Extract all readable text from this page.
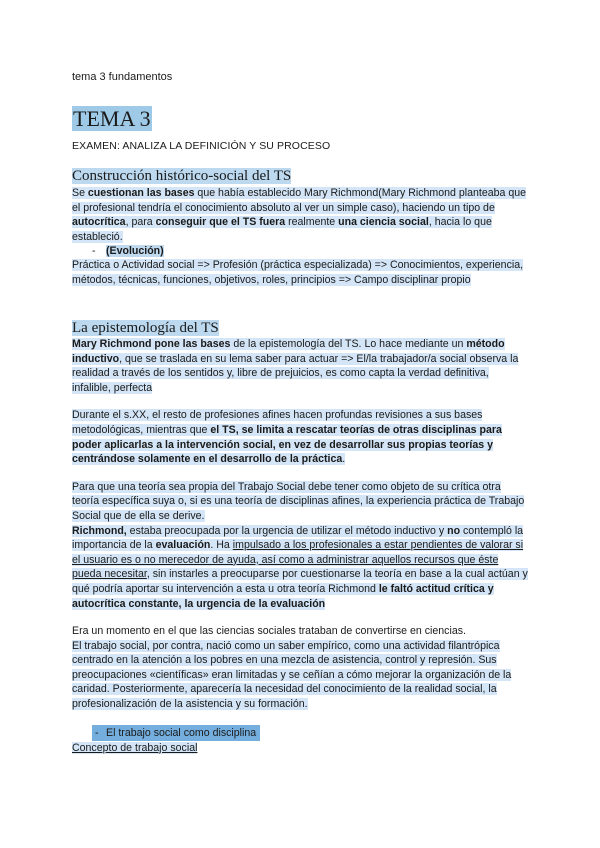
tema 3 fundamentos
TEMA 3
EXAMEN: ANALIZA LA DEFINICIÓN Y SU PROCESO
Construcción histórico-social del TS

Se cuestionan las bases que había establecido Mary Richmond(Mary Richmond planteaba que el profesional tendría el conocimiento absoluto al ver un simple caso), haciendo un tipo de autocrítica, para conseguir que el TS fuera realmente una ciencia social, hacia lo que estableció.

- (Evolución)

Práctica o Actividad social => Profesión (práctica especializada) => Conocimientos, experiencia, métodos, técnicas, funciones, objetivos, roles, principios => Campo disciplinar propio

La epistemología del TS

Mary Richmond pone las bases de la epistemología del TS. Lo hace mediante un método inductivo, que se traslada en su lema saber para actuar => El/la trabajador/a social observa la realidad a través de los sentidos y, libre de prejuicios, es como capta la verdad definitiva, infalible, perfecta

Durante el s.XX, el resto de profesiones afines hacen profundas revisiones a sus bases metodológicas, mientras que el TS, se limita a rescatar teorías de otras disciplinas para poder aplicarlas a la intervención social, en vez de desarrollar sus propias teorías y centrándose solamente en el desarrollo de la práctica.

Para que una teoría sea propia del Trabajo Social debe tener como objeto de su crítica otra teoría específica suya o, si es una teoría de disciplinas afines, la experiencia práctica de Trabajo Social que de ella se derive.

Richmond, estaba preocupada por la urgencia de utilizar el método inductivo y no contempló la importancia de la evaluación. Ha impulsado a los profesionales a estar pendientes de valorar si el usuario es o no merecedor de ayuda, así como a administrar aquellos recursos que éste pueda necesitar, sin instarles a preocuparse por cuestionarse la teoría en base a la cual actúan y qué podría aportar su intervención a esta u otra teoría Richmond le faltó actitud crítica y autocrítica constante, la urgencia de la evaluación

Era un momento en el que las ciencias sociales trataban de convertirse en ciencias.

El trabajo social, por contra, nació como un saber empírico, como una actividad filantrópica centrado en la atención a los pobres en una mezcla de asistencia, control y represión. Sus preocupaciones «científicas» eran limitadas y se ceñían a cómo mejorar la organización de la caridad. Posteriormente, aparecería la necesidad del conocimiento de la realidad social, la profesionalización de la asistencia y su formación.

- El trabajo social como disciplina
Concepto de trabajo social
